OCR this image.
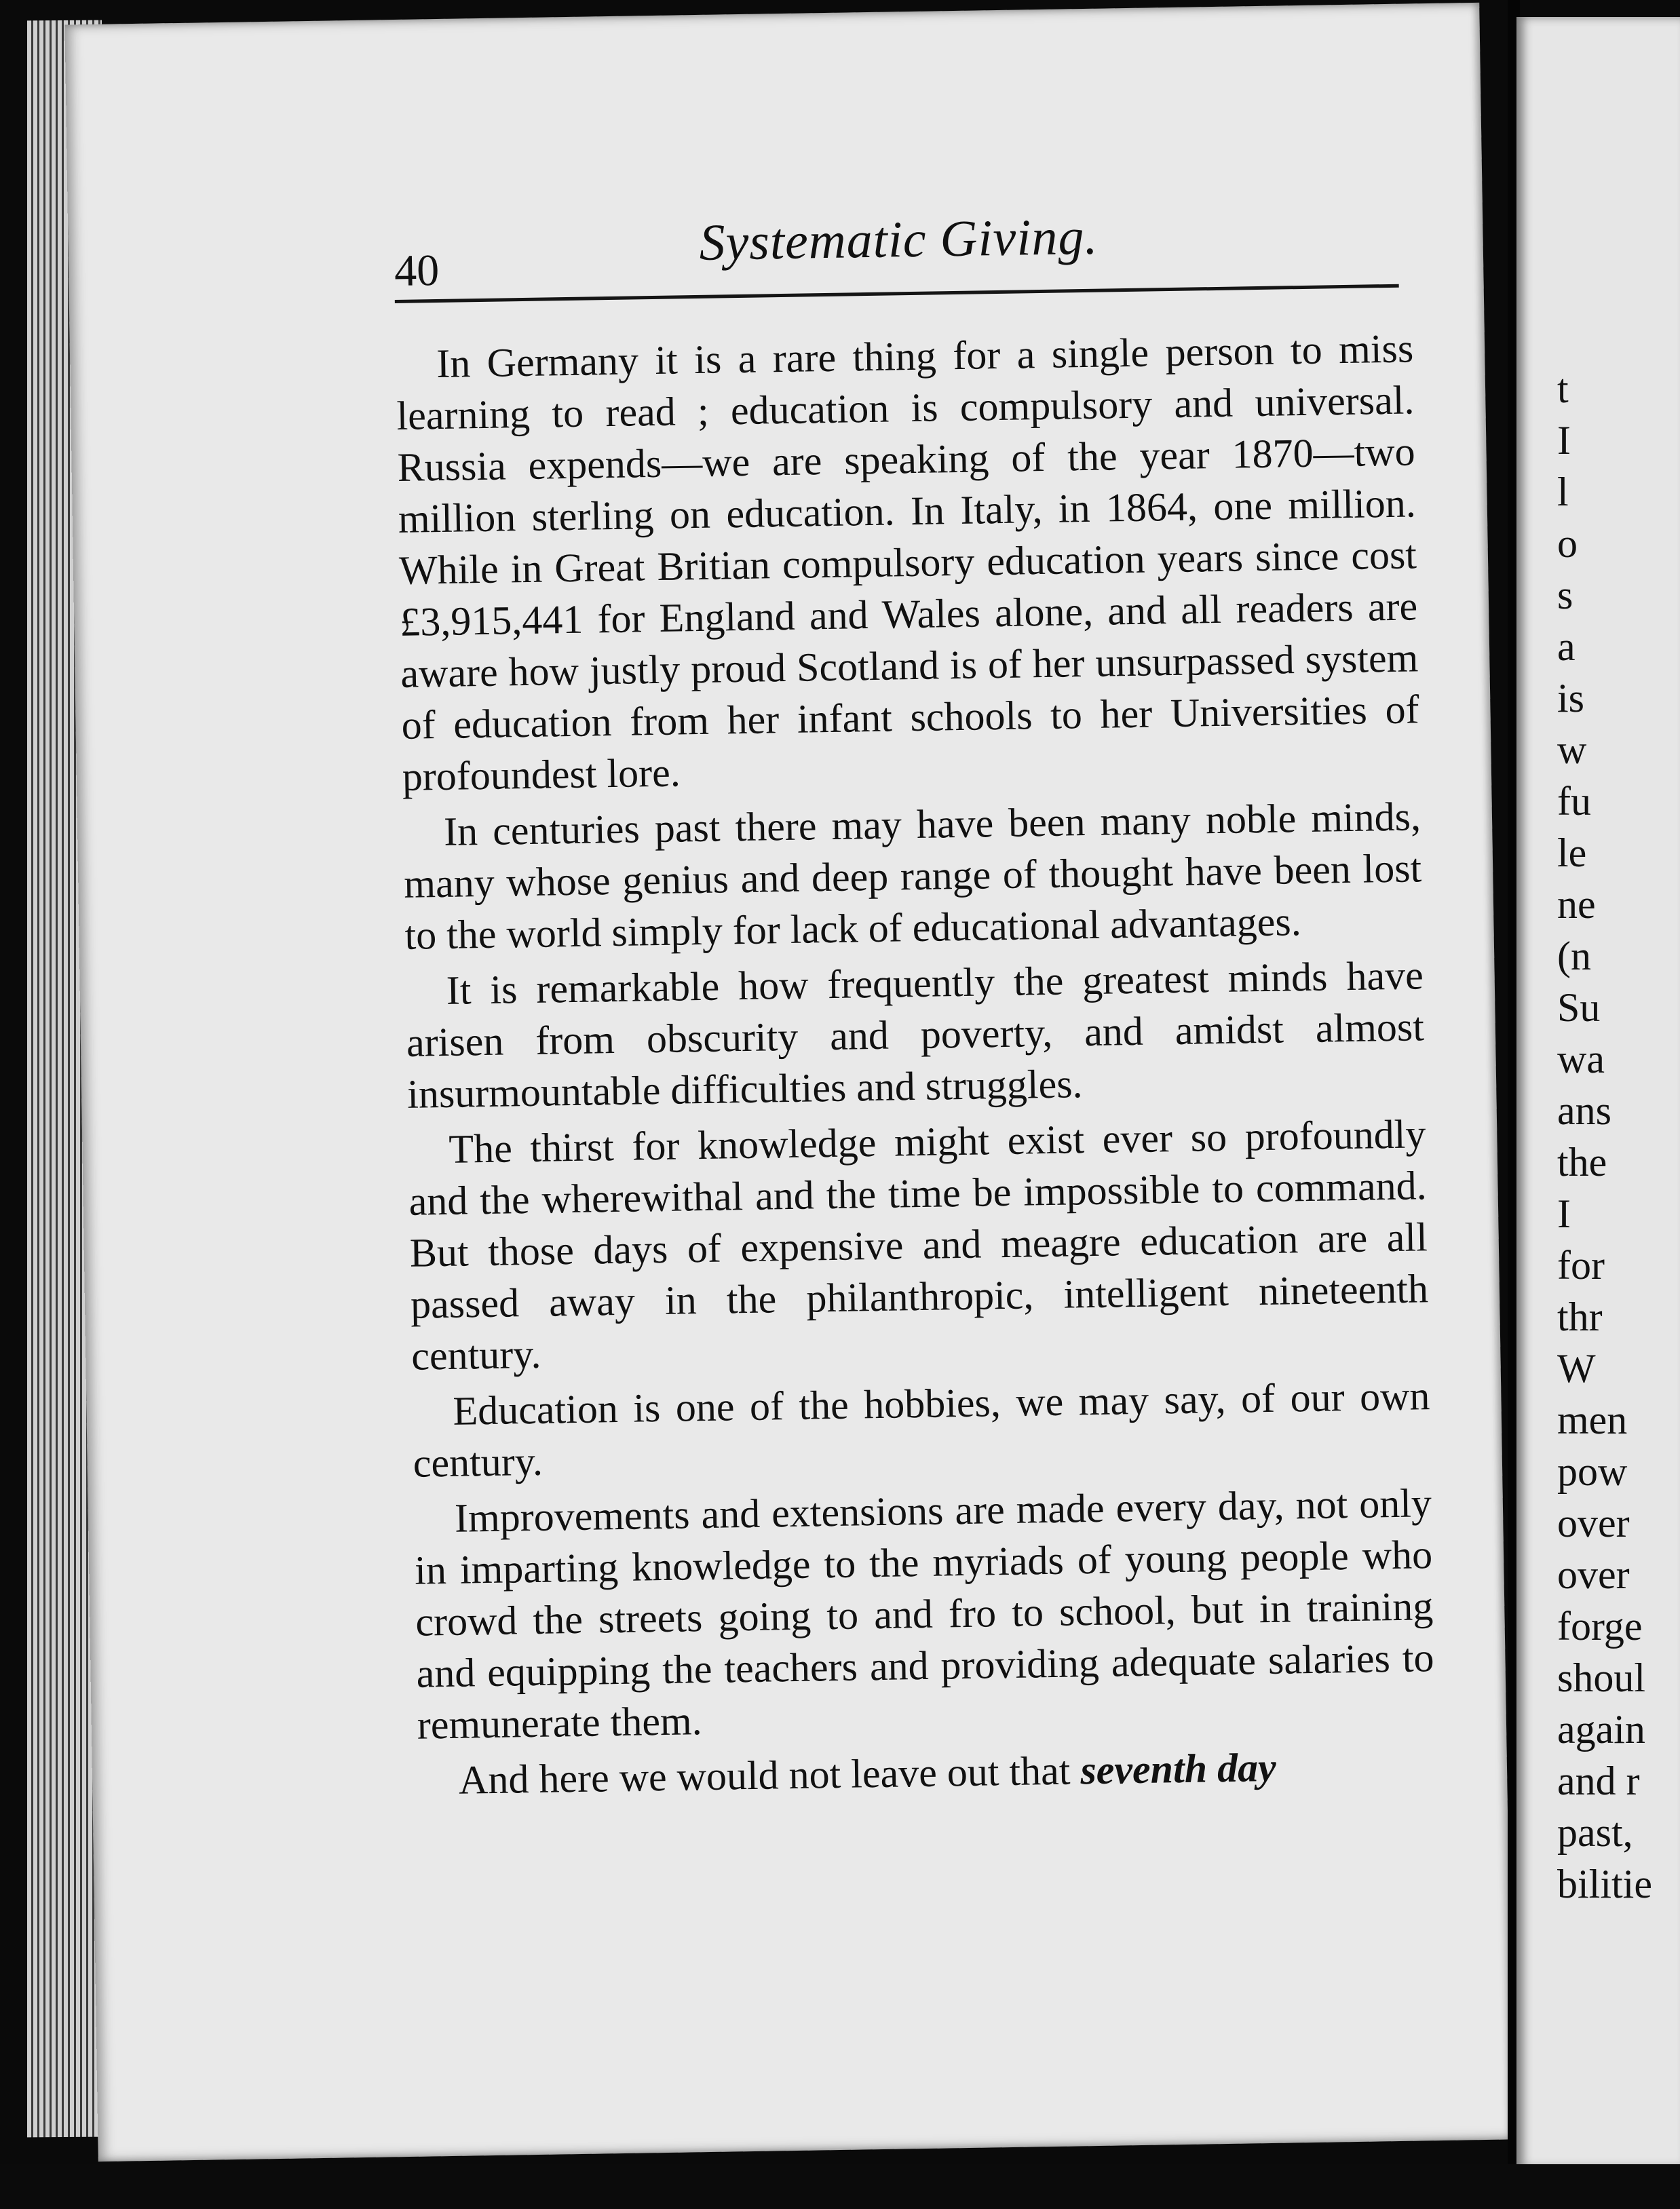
40	Systematic Giving.

In Germany it is a rare thing for a single person to miss learning to read ; education is compulsory and universal. Russia expends—we are speaking of the year 1870—two million sterling on education. In Italy, in 1864, one million. While in Great Britian compulsory education years since cost £3,915,441 for England and Wales alone, and all readers are aware how justly proud Scotland is of her unsurpassed system of education from her infant schools to her Universities of profoundest lore.

In centuries past there may have been many noble minds, many whose genius and deep range of thought have been lost to the world simply for lack of educational advantages.

It is remarkable how frequently the greatest minds have arisen from obscurity and poverty, and amidst almost insurmountable difficulties and struggles.

The thirst for knowledge might exist ever so profoundly and the wherewithal and the time be impossible to command. But those days of expensive and meagre education are all passed away in the philanthropic, intelligent nineteenth century.

Education is one of the hobbies, we may say, of our own century.

Improvements and extensions are made every day, not only in imparting knowledge to the myriads of young people who crowd the streets going to and fro to school, but in training and equipping the teachers and providing adequate salaries to remunerate them.

And here we would not leave out that seventh day

t
I
l
o
s
a
is
w
fu
le
ne
(n
Su
wa
ans
the
I
for
thr
W
men
pow
over
over
forge
shoul
again
and r
past,
bilitie
